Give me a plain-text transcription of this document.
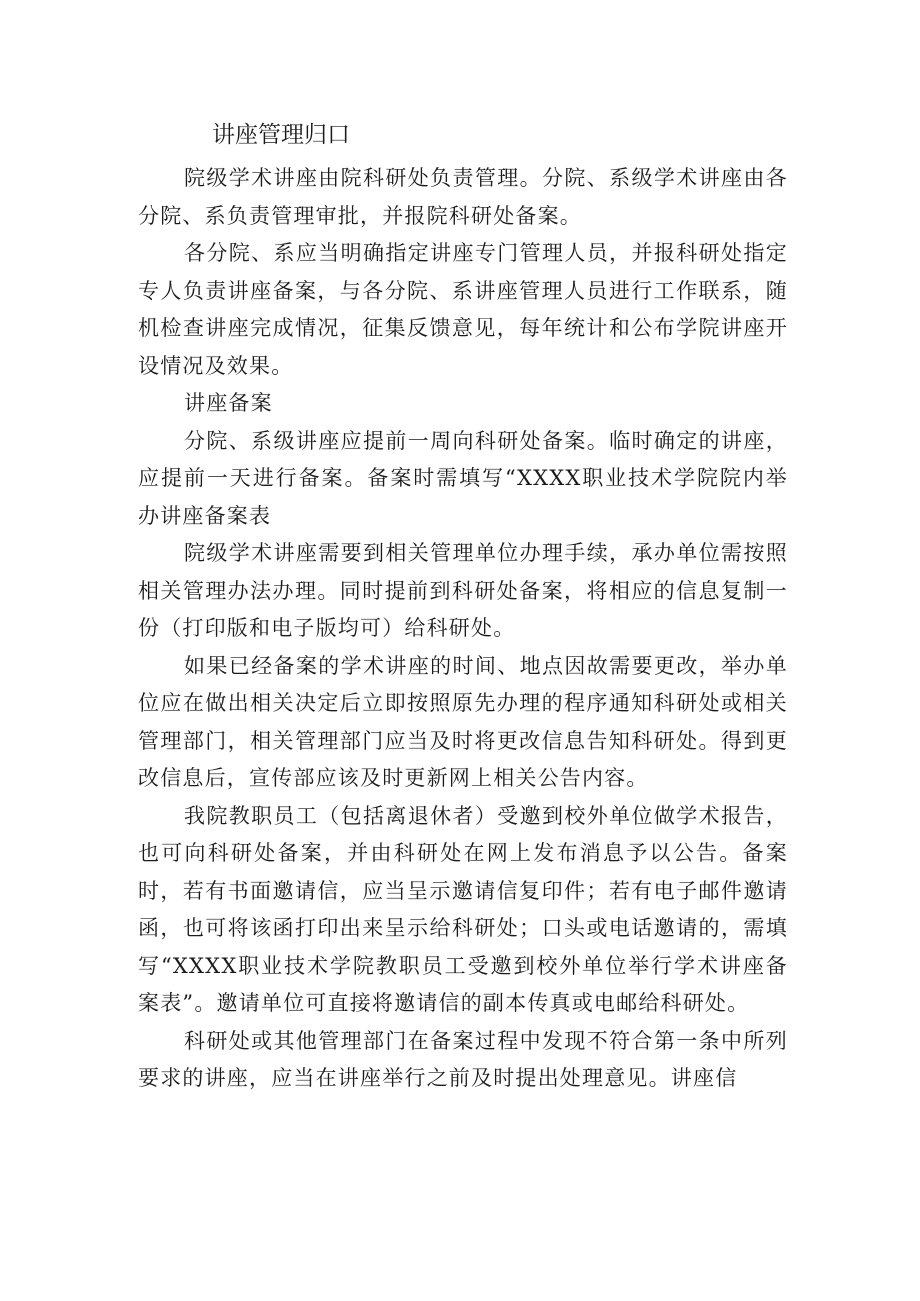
讲座管理归口

院级学术讲座由院科研处负责管理。分院、系级学术讲座由各分院、系负责管理审批，并报院科研处备案。

各分院、系应当明确指定讲座专门管理人员，并报科研处指定专人负责讲座备案，与各分院、系讲座管理人员进行工作联系，随机检查讲座完成情况，征集反馈意见，每年统计和公布学院讲座开设情况及效果。

讲座备案

分院、系级讲座应提前一周向科研处备案。临时确定的讲座，应提前一天进行备案。备案时需填写“XXXX职业技术学院院内举办讲座备案表

院级学术讲座需要到相关管理单位办理手续，承办单位需按照相关管理办法办理。同时提前到科研处备案，将相应的信息复制一份（打印版和电子版均可）给科研处。

如果已经备案的学术讲座的时间、地点因故需要更改，举办单位应在做出相关决定后立即按照原先办理的程序通知科研处或相关管理部门，相关管理部门应当及时将更改信息告知科研处。得到更改信息后，宣传部应该及时更新网上相关公告内容。

我院教职员工（包括离退休者）受邀到校外单位做学术报告，也可向科研处备案，并由科研处在网上发布消息予以公告。备案时，若有书面邀请信，应当呈示邀请信复印件；若有电子邮件邀请函，也可将该函打印出来呈示给科研处；口头或电话邀请的，需填写“XXXX职业技术学院教职员工受邀到校外单位举行学术讲座备案表”。邀请单位可直接将邀请信的副本传真或电邮给科研处。

科研处或其他管理部门在备案过程中发现不符合第一条中所列要求的讲座，应当在讲座举行之前及时提出处理意见。讲座信
